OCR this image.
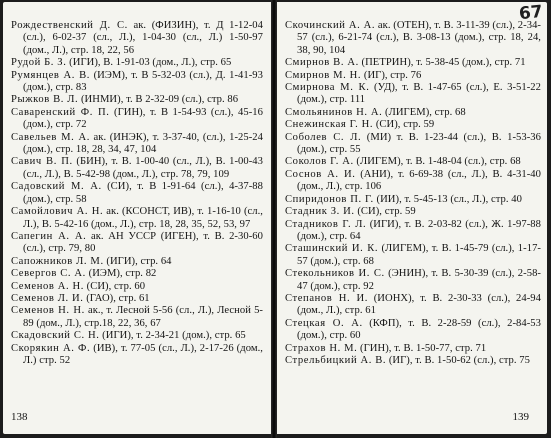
Рождественский Д. С. ак. (ФИЗИН), т. Д 1-12-04 (сл.), 6-02-37 (сл., Л.), 1-04-30 (сл., Л.) 1-50-97 (дом., Л.), стр. 18, 22, 56
Рудой Б. З. (ИГИ), В. 1-91-03 (дом., Л.), стр. 65
Румянцев А. В. (ИЭМ), т. В 5-32-03 (сл.), Д. 1-41-93 (дом.), стр. 83
Рыжков В. Л. (ИНМИ), т. В 2-32-09 (сл.), стр. 86
Саваренский Ф. П. (ГИН), т. В 1-54-93 (сл.), 45-16 (дом.), стр. 72
Савельев М. А. ак. (ИНЭК), т. 3-37-40, (сл.), 1-25-24 (дом.), стр. 18, 28, 34, 47, 104
Савич В. П. (БИН), т. В. 1-00-40 (сл., Л.), В. 1-00-43 (сл., Л.), В. 5-42-98 (дом., Л.), стр. 78, 79, 109
Садовский М. А. (СИ), т. В 1-91-64 (сл.), 4-37-88 (дом.), стр. 58
Самойлович А. Н. ак. (КСОНСТ, ИВ), т. 1-16-10 (сл., Л.), В. 5-42-16 (дом., Л.), стр. 18, 28, 35, 52, 53, 97
Сапегин А. А. ак. АН УССР (ИГЕН), т. В. 2-30-60 (сл.), стр. 79, 80
Сапожников Л. М. (ИГИ), стр. 64
Севергов С. А. (ИЭМ), стр. 82
Семенов А. Н. (СИ), стр. 60
Семенов Л. И. (ГАО), стр. 61
Семенов Н. Н. ак., т. Лесной 5-56 (сл., Л.), Лесной 5-89 (дом., Л.), стр.18, 22, 36, 67
Скадовский С. Н. (ИГИ), т. 2-34-21 (дом.), стр. 65
Скорякин А. Ф. (ИВ), т. 77-05 (сл., Л.), 2-17-26 (дом., Л.) стр. 52
138
67
Скочинский А. А. ак. (ОТЕН), т. В. 3-11-39 (сл.), 2-34-57 (сл.), 6-21-74 (сл.), В. 3-08-13 (дом.), стр. 18, 24, 38, 90, 104
Смирнов В. А. (ПЕТРИН), т. 5-38-45 (дом.), стр. 71
Смирнов М. Н. (ИГ), стр. 76
Смирнова М. К. (УД), т. В. 1-47-65 (сл.), Е. 3-51-22 (дом.), стр. 111
Смольянинов Н. А. (ЛИГЕМ), стр. 68
Снежинская Г. Н. (СИ), стр. 59
Соболев С. Л. (МИ) т. В. 1-23-44 (сл.), В. 1-53-36 (дом.), стр. 55
Соколов Г. А. (ЛИГЕМ), т. В. 1-48-04 (сл.), стр. 68
Соснов А. И. (АНИ), т. 6-69-38 (сл., Л.), В. 4-31-40 (дом., Л.), стр. 106
Спиридонов П. Г. (ИИ), т. 5-45-13 (сл., Л.), стр. 40
Стадник З. И. (СИ), стр. 59
Стадников Г. Л. (ИГИ), т. В. 2-03-82 (сл.), Ж. 1-97-88 (дом.), стр. 64
Сташинский И. К. (ЛИГЕМ), т. В. 1-45-79 (сл.), 1-17-57 (дом.), стр. 68
Стекольников И. С. (ЭНИН), т. В. 5-30-39 (сл.), 2-58-47 (дом.), стр. 92
Степанов Н. И. (ИОНХ), т. В. 2-30-33 (сл.), 24-94 (дом., Л.), стр. 61
Стецкая О. А. (КФП), т. В. 2-28-59 (сл.), 2-84-53 (дом.), стр. 60
Страхов Н. М. (ГИН), т. В. 1-50-77, стр. 71
Стрельбицкий А. В. (ИГ), т. В. 1-50-62 (сл.), стр. 75
139
